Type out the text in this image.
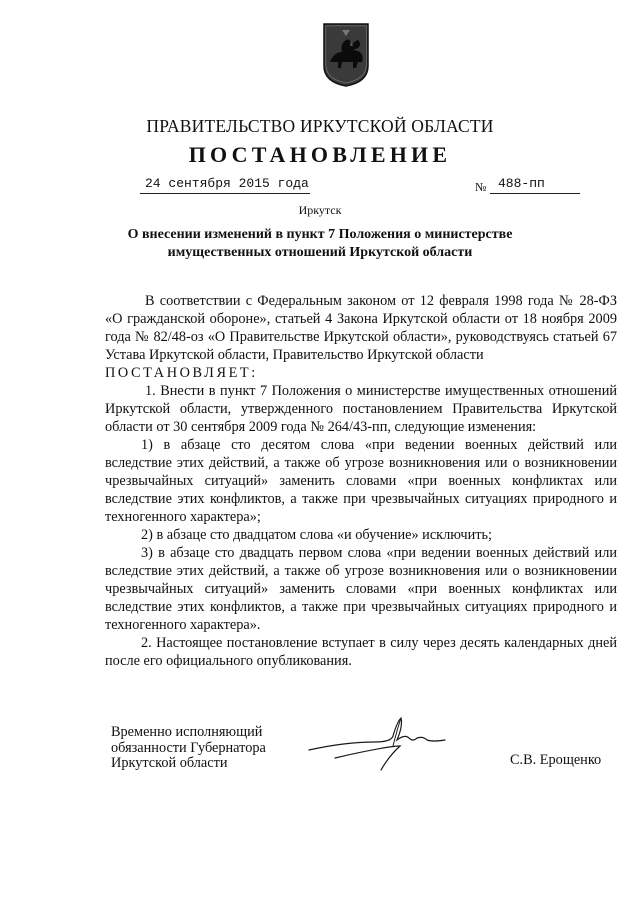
ПРАВИТЕЛЬСТВО ИРКУТСКОЙ ОБЛАСТИ
ПОСТАНОВЛЕНИЕ
24 сентября 2015 года	№ 488-пп
Иркутск
О внесении изменений в пункт 7 Положения о министерстве
имущественных отношений Иркутской области

В соответствии с Федеральным законом от 12 февраля 1998 года № 28-ФЗ «О гражданской обороне», статьей 4 Закона Иркутской области от 18 ноября 2009 года № 82/48-оз «О Правительстве Иркутской области», руководствуясь статьей 67 Устава Иркутской области, Правительство Иркутской области

ПОСТАНОВЛЯЕТ:

1. Внести в пункт 7 Положения о министерстве имущественных отношений Иркутской области, утвержденного постановлением Правительства Иркутской области от 30 сентября 2009 года № 264/43-пп, следующие изменения:

1) в абзаце сто десятом слова «при ведении военных действий или вследствие этих действий, а также об угрозе возникновения или о возникновении чрезвычайных ситуаций» заменить словами «при военных конфликтах или вследствие этих конфликтов, а также при чрезвычайных ситуациях природного и техногенного характера»;

2) в абзаце сто двадцатом слова «и обучение» исключить;

3) в абзаце сто двадцать первом слова «при ведении военных действий или вследствие этих действий, а также об угрозе возникновения или о возникновении чрезвычайных ситуаций» заменить словами «при военных конфликтах или вследствие этих конфликтов, а также при чрезвычайных ситуациях природного и техногенного характера».

2. Настоящее постановление вступает в силу через десять календарных дней после его официального опубликования.

Временно исполняющий
обязанности Губернатора
Иркутской области	С.В. Ерощенко
